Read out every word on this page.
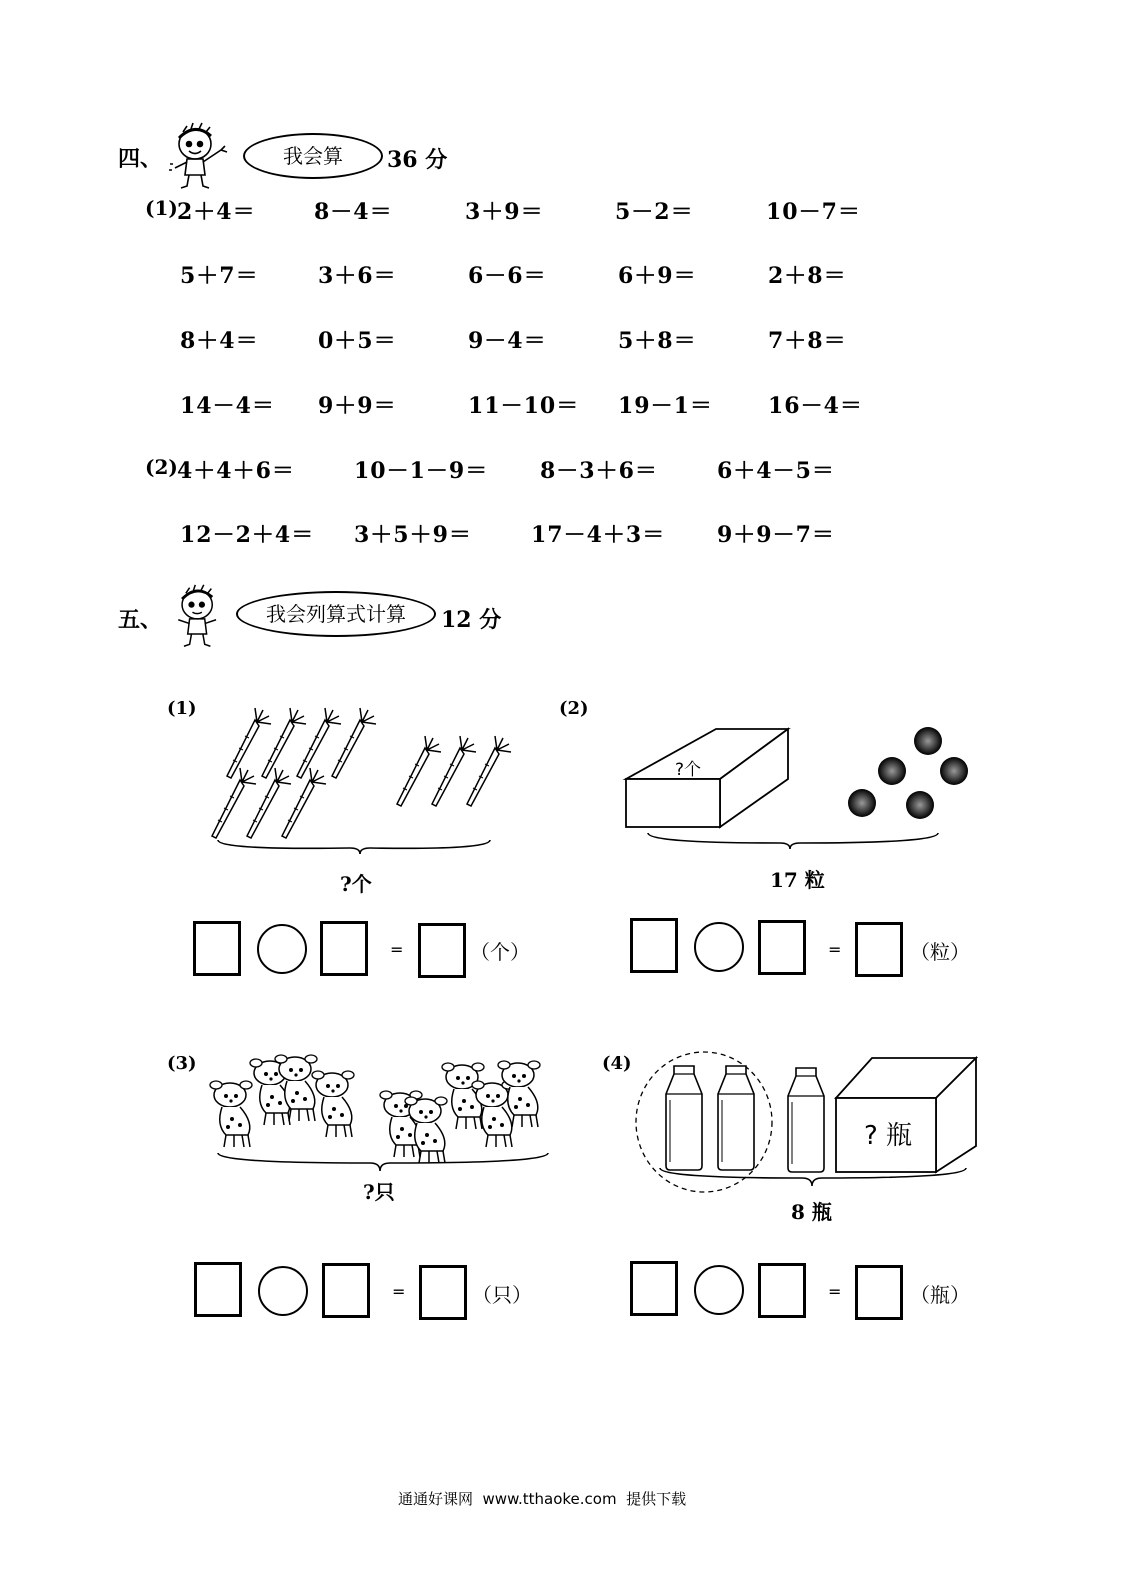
四、	我会算	36 分
(1) 2＋4＝	8－4＝	3＋9＝	5－2＝	10－7＝
5＋7＝	3＋6＝	6－6＝	6＋9＝	2＋8＝
8＋4＝	0＋5＝	9－4＝	5＋8＝	7＋8＝
14－4＝ 9＋9＝	11－10＝ 19－1＝	16－4＝
(2) 4＋4＋6＝	10－1－9＝ 8－3＋6＝	6＋4－5＝
12－2＋4＝ 3＋5＋9＝	17－4＋3＝ 9＋9－7＝
五、	我会列算式计算	12 分
(1)
?个
=	（个）
(2)
?个
17 粒
=	（粒）
(3)
?只
=	（只）
(4)
? 瓶
8 瓶
=	（瓶）
通通好课网  www.tthaoke.com  提供下载
